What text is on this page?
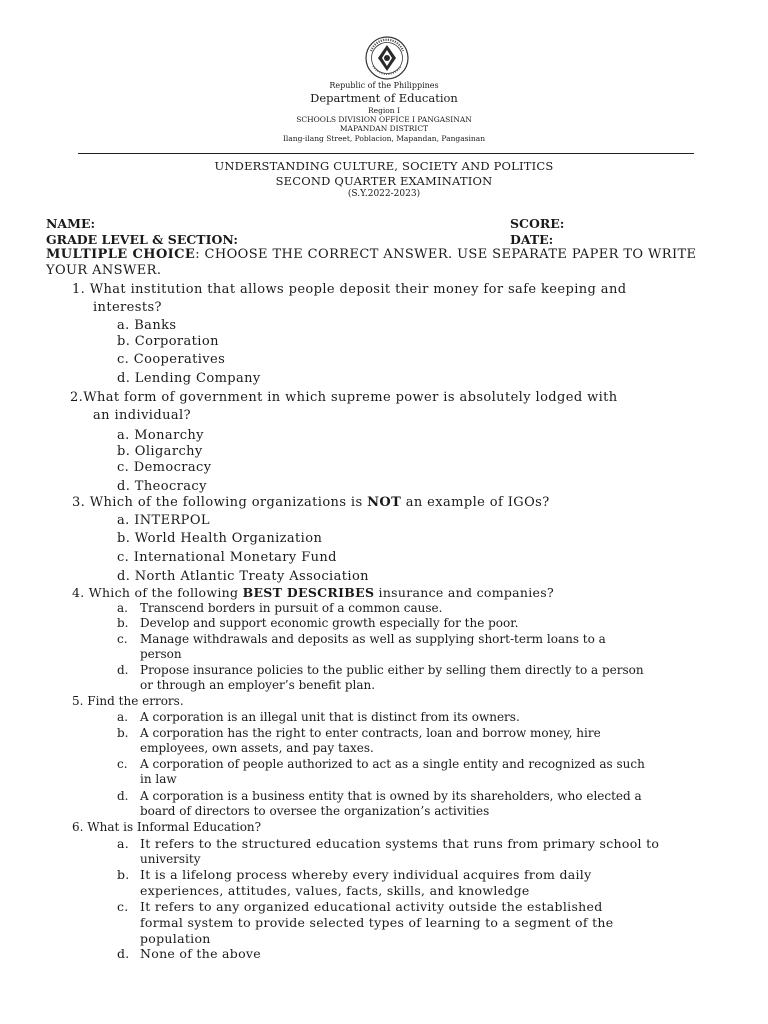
Republic of the Philippines
Department of Education
Region I
SCHOOLS DIVISION OFFICE I PANGASINAN
MAPANDAN DISTRICT
Ilang-ilang Street, Poblacion, Mapandan, Pangasinan
UNDERSTANDING CULTURE, SOCIETY AND POLITICS
SECOND QUARTER EXAMINATION
(S.Y.2022-2023)
NAME:	SCORE:
GRADE LEVEL & SECTION:	DATE:
MULTIPLE CHOICE: CHOOSE THE CORRECT ANSWER. USE SEPARATE PAPER TO WRITE
YOUR ANSWER.
1. What institution that allows people deposit their money for safe keeping and
interests?
a. Banks
b. Corporation
c. Cooperatives
d. Lending Company
2.What form of government in which supreme power is absolutely lodged with
an individual?
a. Monarchy
b. Oligarchy
c. Democracy
d. Theocracy
3. Which of the following organizations is NOT an example of IGOs?
a. INTERPOL
b. World Health Organization
c. International Monetary Fund
d. North Atlantic Treaty Association
4. Which of the following BEST DESCRIBES insurance and companies?
a. Transcend borders in pursuit of a common cause.
b. Develop and support economic growth especially for the poor.
c. Manage withdrawals and deposits as well as supplying short-term loans to a
person
d. Propose insurance policies to the public either by selling them directly to a person
or through an employer’s benefit plan.
5. Find the errors.
a. A corporation is an illegal unit that is distinct from its owners.
b. A corporation has the right to enter contracts, loan and borrow money, hire
employees, own assets, and pay taxes.
c. A corporation of people authorized to act as a single entity and recognized as such
in law
d. A corporation is a business entity that is owned by its shareholders, who elected a
board of directors to oversee the organization’s activities
6. What is Informal Education?
a. It refers to the structured education systems that runs from primary school to
university
b. It is a lifelong process whereby every individual acquires from daily
experiences, attitudes, values, facts, skills, and knowledge
c. It refers to any organized educational activity outside the established
formal system to provide selected types of learning to a segment of the
population
d. None of the above
